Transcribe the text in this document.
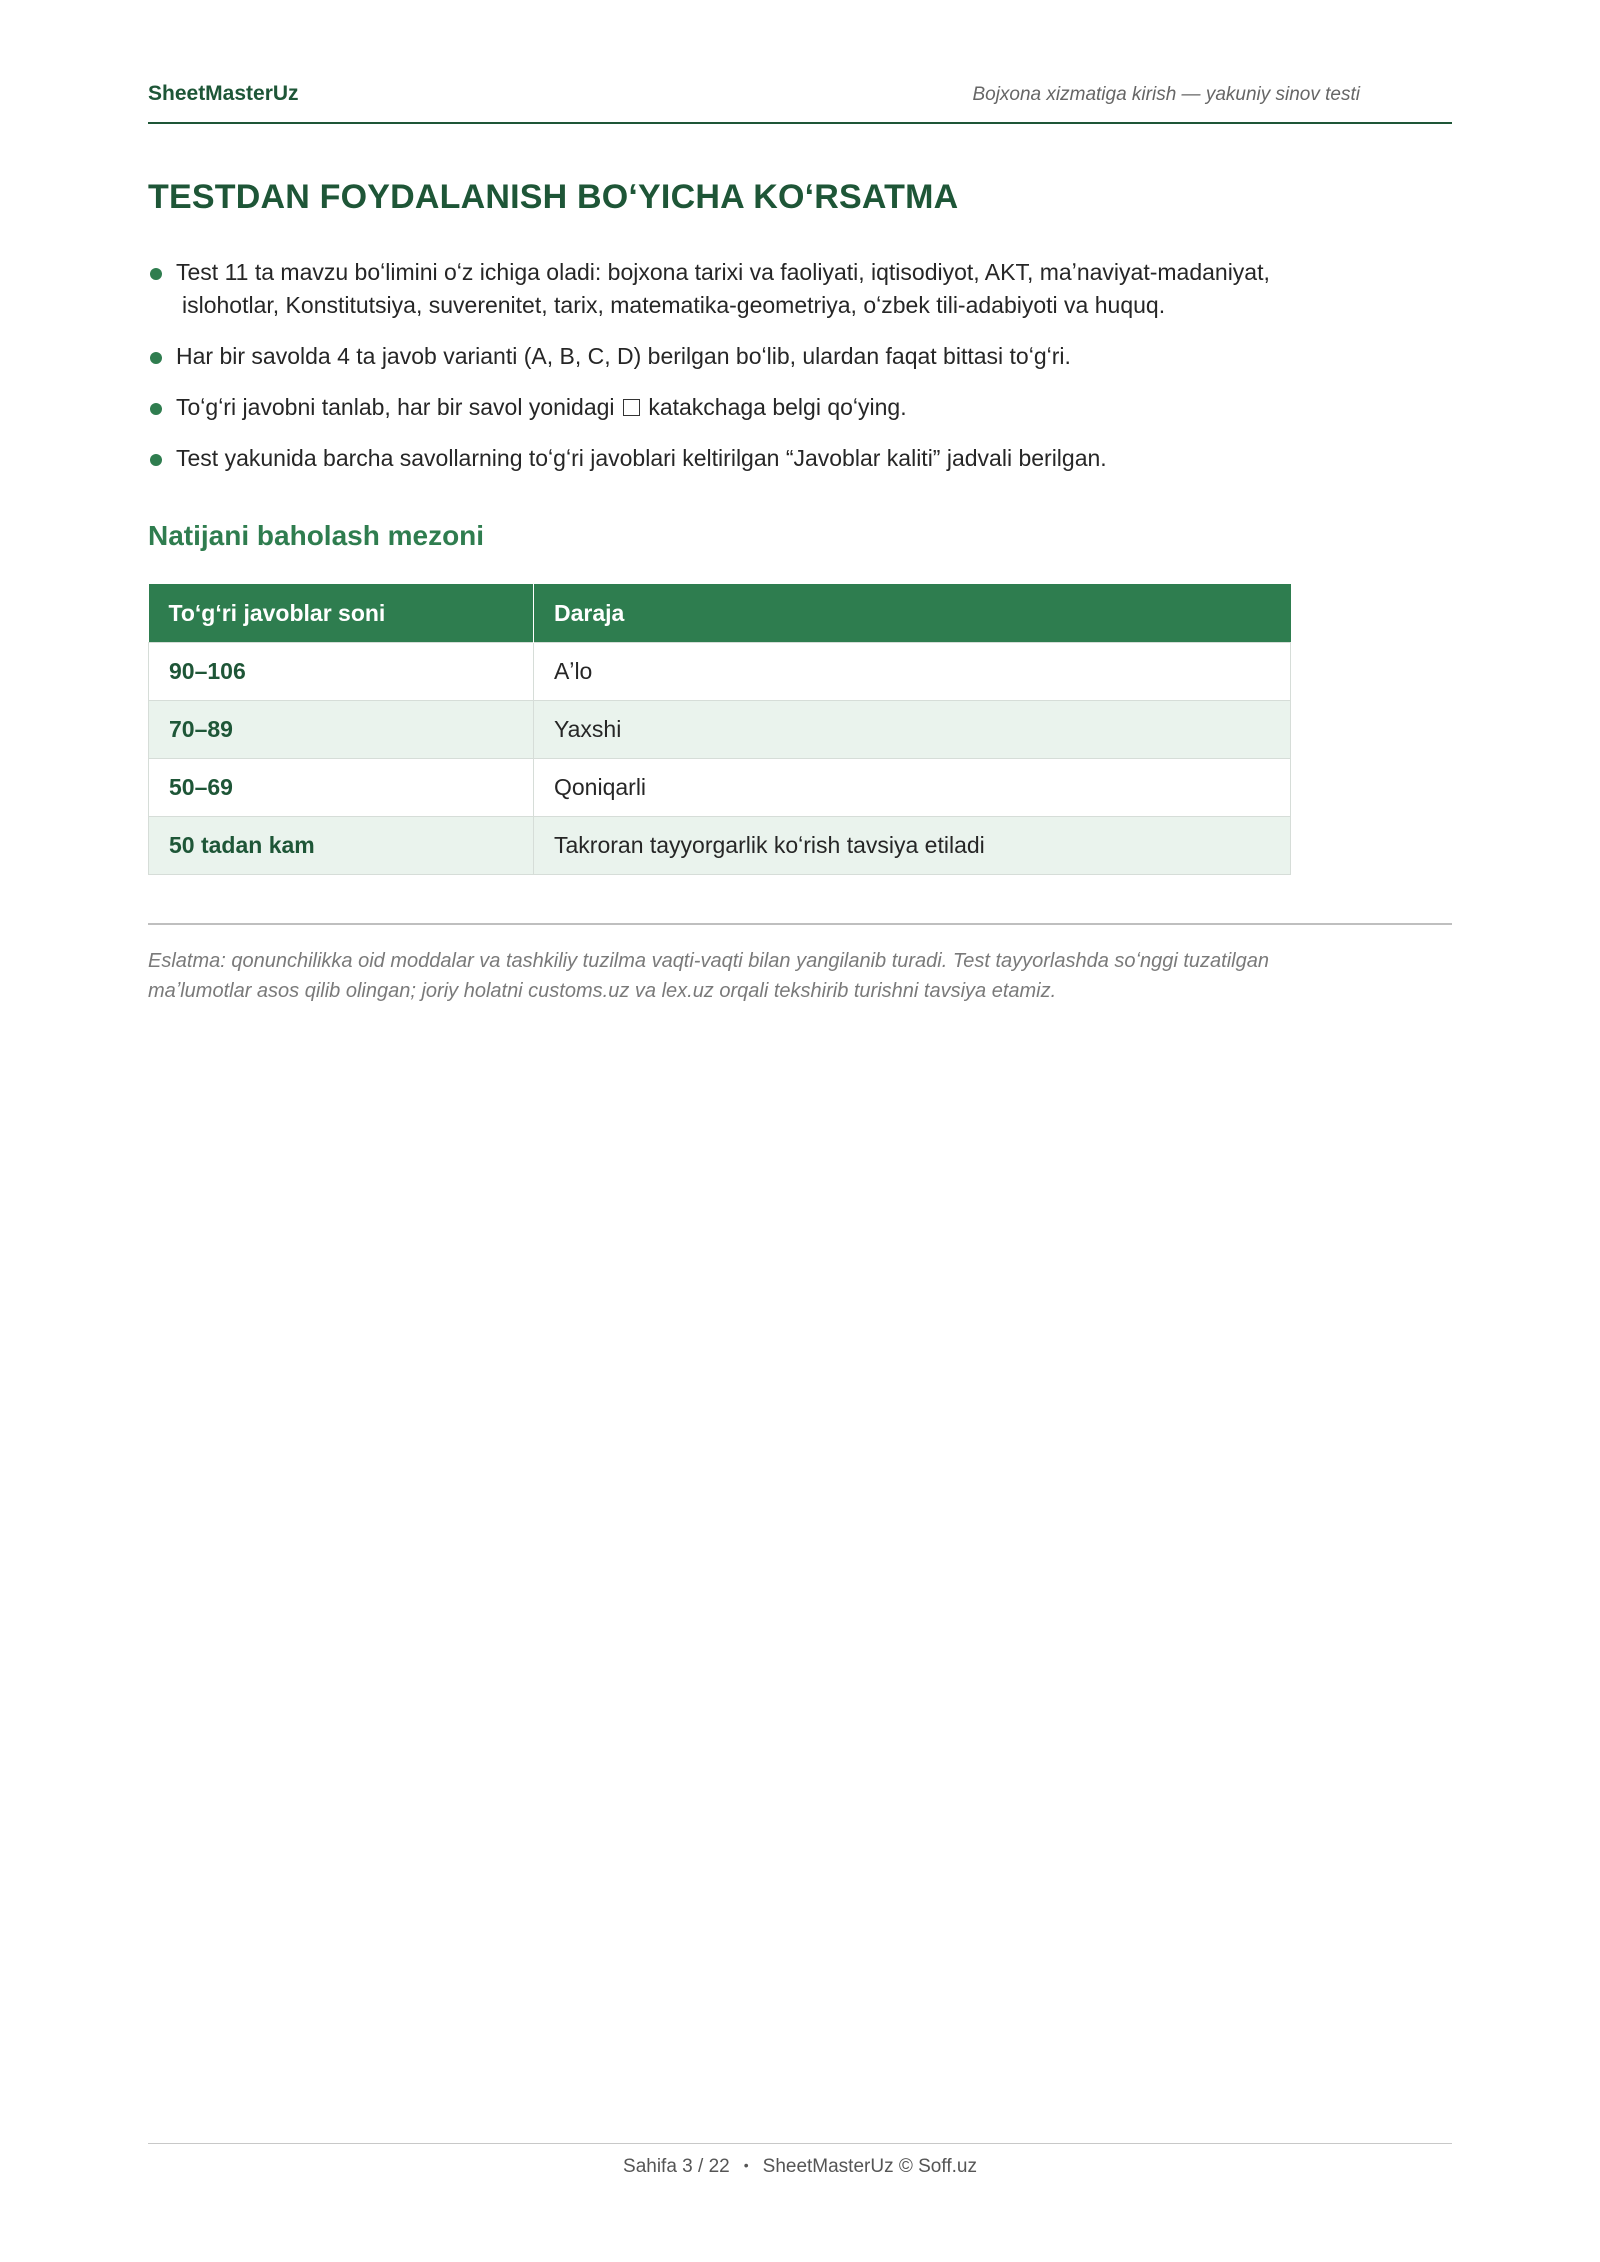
SheetMasterUz	Bojxona xizmatiga kirish — yakuniy sinov testi
TESTDAN FOYDALANISH BOʻYICHA KOʻRSATMA
Test 11 ta mavzu boʻlimini oʻz ichiga oladi: bojxona tarixi va faoliyati, iqtisodiyot, AKT, maʼnaviyat-madaniyat,
islohotlar, Konstitutsiya, suverenitet, tarix, matematika-geometriya, oʻzbek tili-adabiyoti va huquq.
Har bir savolda 4 ta javob varianti (A, B, C, D) berilgan boʻlib, ulardan faqat bittasi toʻgʻri.
Toʻgʻri javobni tanlab, har bir savol yonidagi katakchaga belgi qoʻying.
Test yakunida barcha savollarning toʻgʻri javoblari keltirilgan “Javoblar kaliti” jadvali berilgan.
Natijani baholash mezoni
Toʻgʻri javoblar soni	Daraja
90–106	Aʼlo
70–89	Yaxshi
50–69	Qoniqarli
50 tadan kam	Takroran tayyorgarlik koʻrish tavsiya etiladi

Eslatma: qonunchilikka oid moddalar va tashkiliy tuzilma vaqti-vaqti bilan yangilanib turadi. Test tayyorlashda soʻnggi tuzatilgan
maʼlumotlar asos qilib olingan; joriy holatni customs.uz va lex.uz orqali tekshirib turishni tavsiya etamiz.

Sahifa 3 / 22 • SheetMasterUz © Soff.uz
